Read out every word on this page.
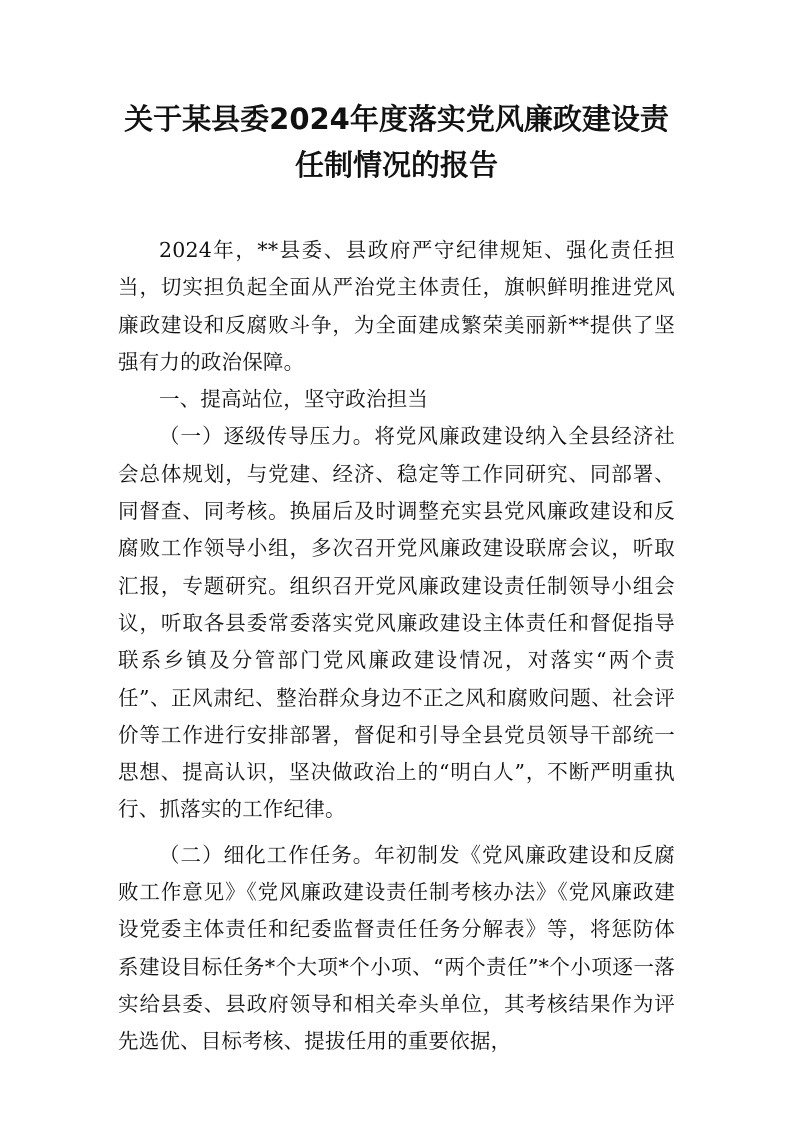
关于某县委2024年度落实党风廉政建设责任制情况的报告

2024年，**县委、县政府严守纪律规矩、强化责任担当，切实担负起全面从严治党主体责任，旗帜鲜明推进党风廉政建设和反腐败斗争，为全面建成繁荣美丽新**提供了坚强有力的政治保障。

一、提高站位，坚守政治担当

（一）逐级传导压力。将党风廉政建设纳入全县经济社会总体规划，与党建、经济、稳定等工作同研究、同部署、同督查、同考核。换届后及时调整充实县党风廉政建设和反腐败工作领导小组，多次召开党风廉政建设联席会议，听取汇报，专题研究。组织召开党风廉政建设责任制领导小组会议，听取各县委常委落实党风廉政建设主体责任和督促指导联系乡镇及分管部门党风廉政建设情况，对落实“两个责任”、正风肃纪、整治群众身边不正之风和腐败问题、社会评价等工作进行安排部署，督促和引导全县党员领导干部统一思想、提高认识，坚决做政治上的“明白人”，不断严明重执行、抓落实的工作纪律。

（二）细化工作任务。年初制发《党风廉政建设和反腐败工作意见》《党风廉政建设责任制考核办法》《党风廉政建设党委主体责任和纪委监督责任任务分解表》等，将惩防体系建设目标任务*个大项*个小项、“两个责任”*个小项逐一落实给县委、县政府领导和相关牵头单位，其考核结果作为评先选优、目标考核、提拔任用的重要依据，
